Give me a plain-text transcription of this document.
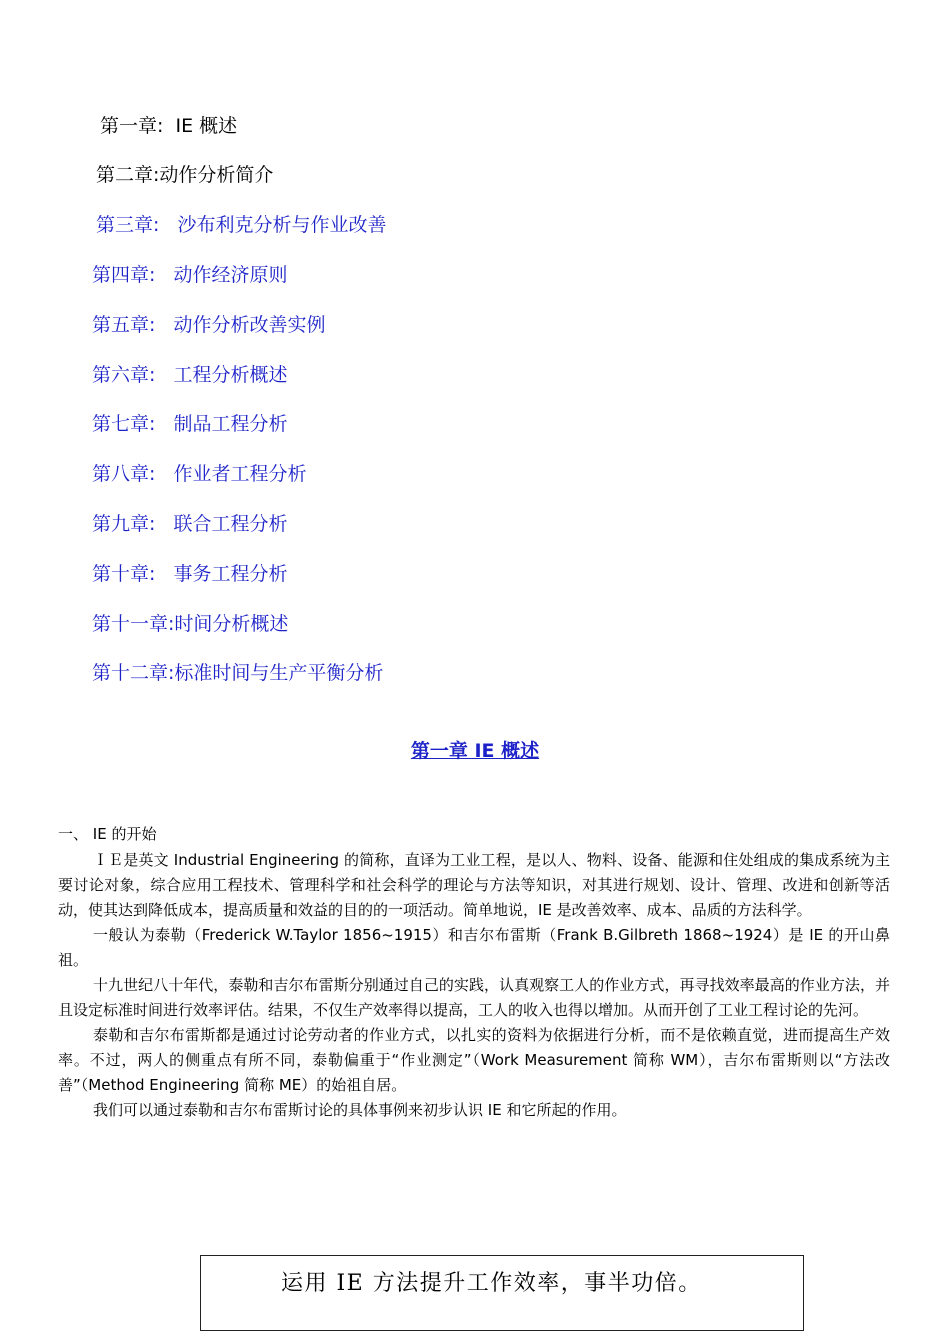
第一章:  IE 概述
第二章:动作分析简介
第三章:   沙布利克分析与作业改善
第四章:   动作经济原则
第五章:   动作分析改善实例
第六章:   工程分析概述
第七章:   制品工程分析
第八章:   作业者工程分析
第九章:   联合工程分析
第十章:   事务工程分析
第十一章:时间分析概述
第十二章:标准时间与生产平衡分析
第一章 IE 概述
一、 IE 的开始

ＩＥ是英文 Industrial Engineering 的简称，直译为工业工程，是以人、物料、设备、能源和住处组成的集成系统为主要讨论对象，综合应用工程技术、管理科学和社会科学的理论与方法等知识，对其进行规划、设计、管理、改进和创新等活动，使其达到降低成本，提高质量和效益的目的的一项活动。简单地说，IE 是改善效率、成本、品质的方法科学。

一般认为泰勒（Frederick W.Taylor 1856~1915）和吉尔布雷斯（Frank B.Gilbreth 1868~1924）是 IE 的开山鼻祖。

十九世纪八十年代，泰勒和吉尔布雷斯分别通过自己的实践，认真观察工人的作业方式，再寻找效率最高的作业方法，并且设定标准时间进行效率评估。结果，不仅生产效率得以提高，工人的收入也得以增加。从而开创了工业工程讨论的先河。

泰勒和吉尔布雷斯都是通过讨论劳动者的作业方式，以扎实的资料为依据进行分析，而不是依赖直觉，进而提高生产效率。不过，两人的侧重点有所不同，泰勒偏重于“作业测定”（Work Measurement 简称 WM），吉尔布雷斯则以“方法改善”（Method Engineering 简称 ME）的始祖自居。

我们可以通过泰勒和吉尔布雷斯讨论的具体事例来初步认识 IE 和它所起的作用。

运用 IE 方法提升工作效率，事半功倍。
